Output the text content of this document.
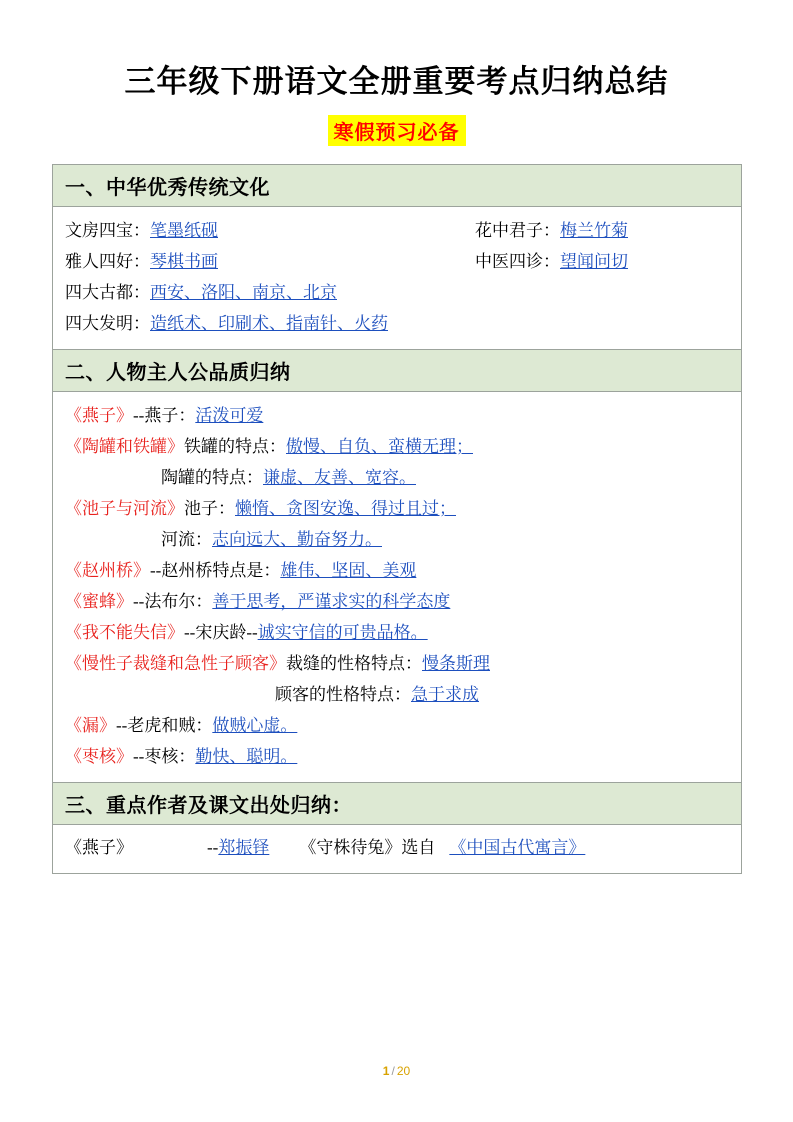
三年级下册语文全册重要考点归纳总结
寒假预习必备
一、中华优秀传统文化

文房四宝：笔墨纸砚	花中君子：梅兰竹菊
雅人四好：琴棋书画	中医四诊：望闻问切
四大古都：西安、洛阳、南京、北京
四大发明：造纸术、印刷术、指南针、火药

二、人物主人公品质归纳

《燕子》--燕子：活泼可爱
《陶罐和铁罐》铁罐的特点：傲慢、自负、蛮横无理；
陶罐的特点：谦虚、友善、宽容。
《池子与河流》池子：懒惰、贪图安逸、得过且过；
河流：志向远大、勤奋努力。
《赵州桥》--赵州桥特点是：雄伟、坚固、美观
《蜜蜂》--法布尔：善于思考，严谨求实的科学态度
《我不能失信》--宋庆龄--诚实守信的可贵品格。
《慢性子裁缝和急性子顾客》裁缝的性格特点：慢条斯理
顾客的性格特点：急于求成
《漏》--老虎和贼：做贼心虚。
《枣核》--枣核：勤快、聪明。

三、重点作者及课文出处归纳：

《燕子》	--郑振铎 《守株待兔》选自 《中国古代寓言》
1 / 20
